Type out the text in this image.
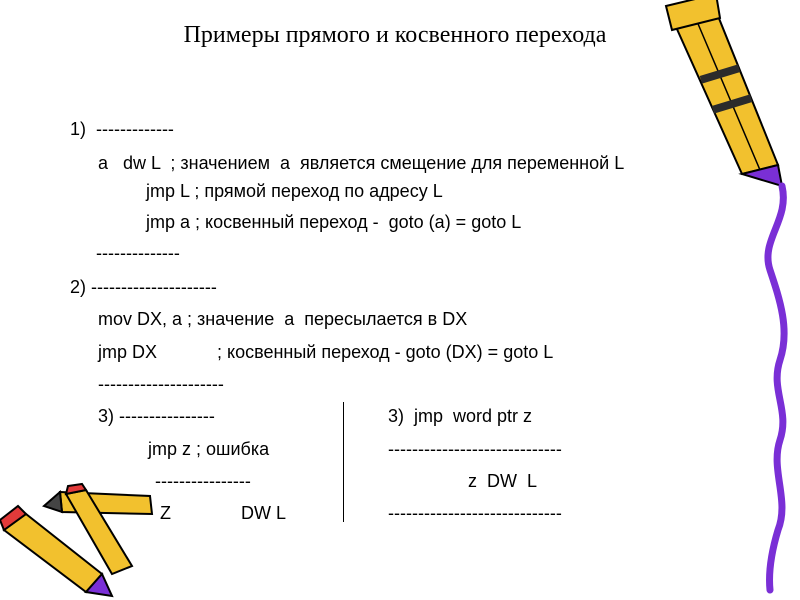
Примеры прямого и косвенного перехода
1)  -------------
a   dw L  ; значением  a  является смещение для переменной L
jmp L ; прямой переход по адресу L
jmp a ; косвенный переход -  goto (a) = goto L
--------------
2) ---------------------
mov DX, a ; значение  a  пересылается в DX
jmp DX            ; косвенный переход - goto (DX) = goto L
---------------------
3) ----------------
jmp z ; ошибка
----------------
Z              DW L
3)  jmp  word ptr z
-----------------------------
z  DW  L
-----------------------------
